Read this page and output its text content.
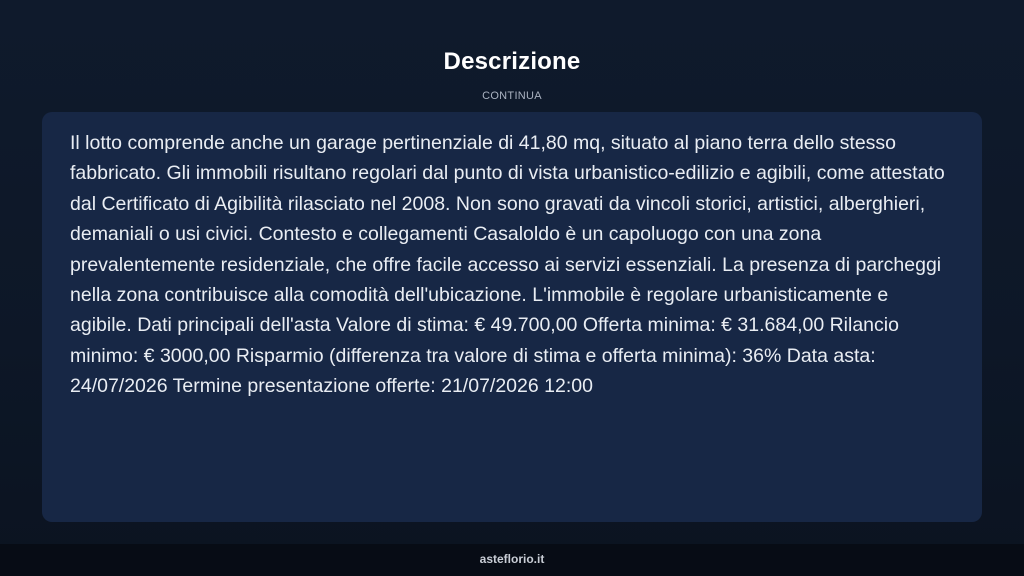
Descrizione
CONTINUA

Il lotto comprende anche un garage pertinenziale di 41,80 mq, situato al piano terra dello stesso fabbricato. Gli immobili risultano regolari dal punto di vista urbanistico-edilizio e agibili, come attestato dal Certificato di Agibilità rilasciato nel 2008. Non sono gravati da vincoli storici, artistici, alberghieri, demaniali o usi civici. Contesto e collegamenti Casaloldo è un capoluogo con una zona prevalentemente residenziale, che offre facile accesso ai servizi essenziali. La presenza di parcheggi nella zona contribuisce alla comodità dell'ubicazione. L'immobile è regolare urbanisticamente e agibile. Dati principali dell'asta Valore di stima: € 49.700,00 Offerta minima: € 31.684,00 Rilancio minimo: € 3000,00 Risparmio (differenza tra valore di stima e offerta minima): 36% Data asta: 24/07/2026 Termine presentazione offerte: 21/07/2026 12:00

asteflorio.it
